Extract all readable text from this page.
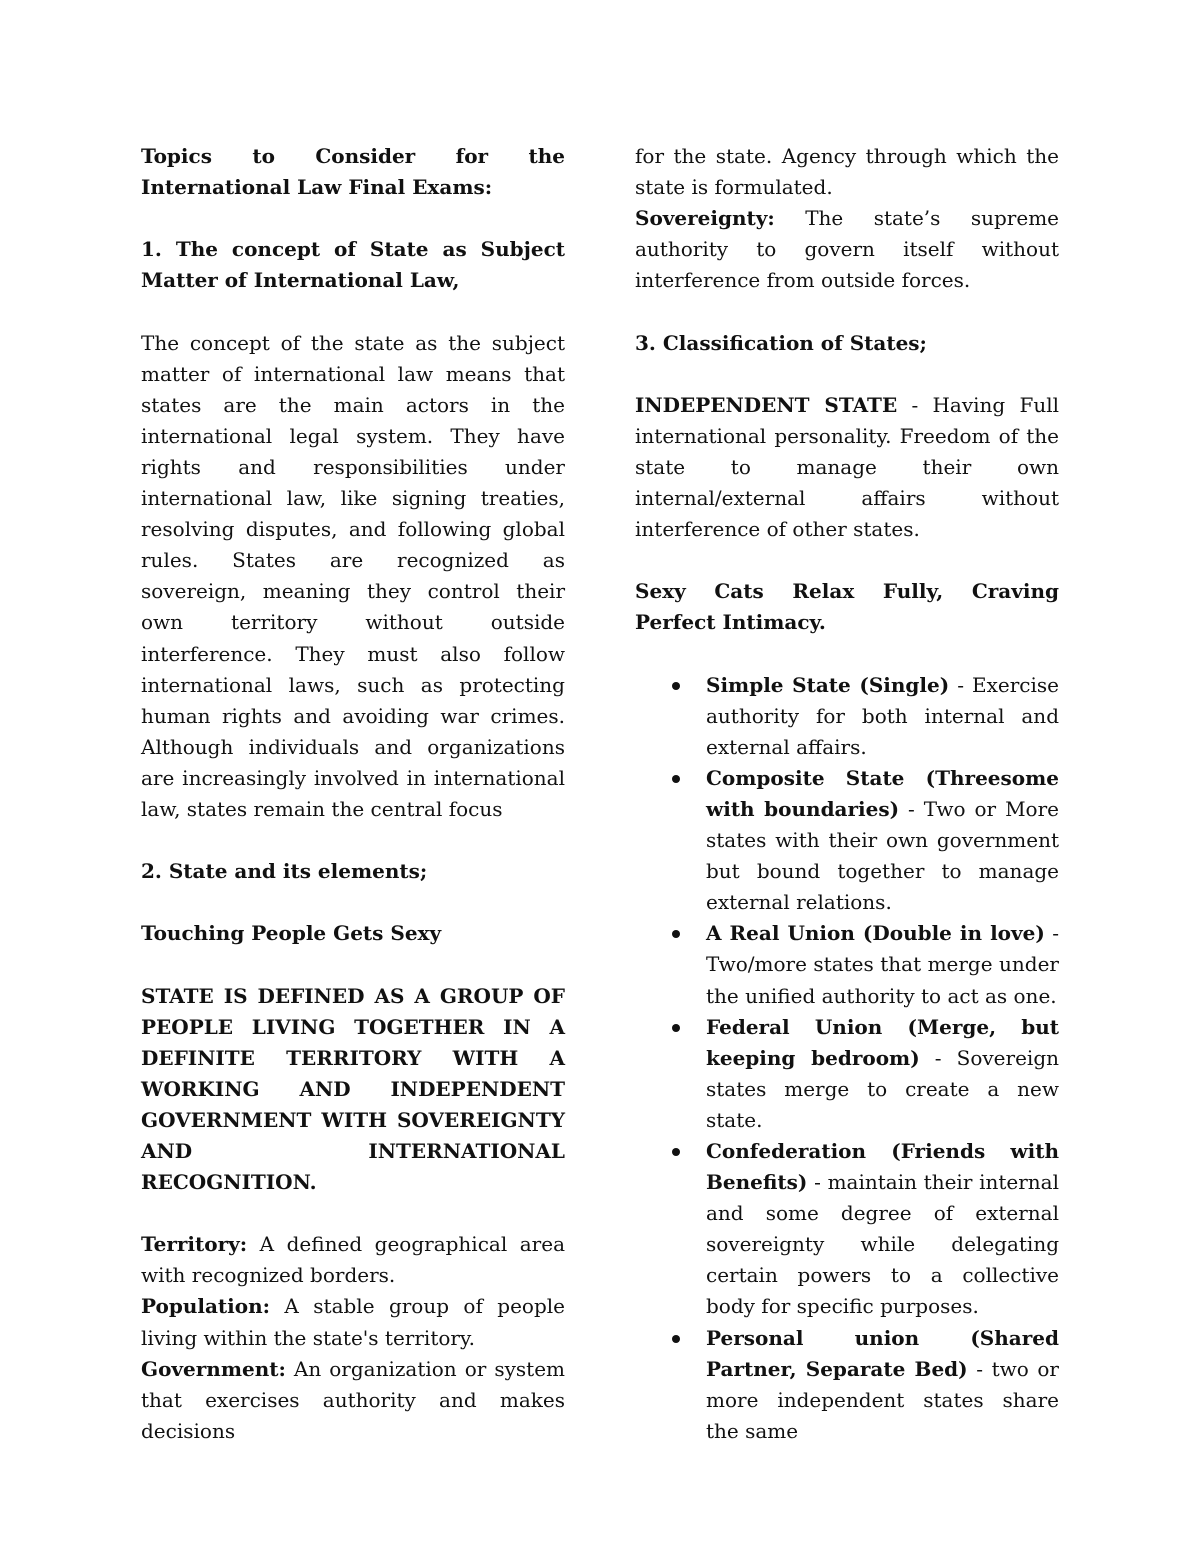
Topics to Consider for the International Law Final Exams:

1. The concept of State as Subject Matter of International Law,

The concept of the state as the subject matter of international law means that states are the main actors in the international legal system. They have rights and responsibilities under international law, like signing treaties, resolving disputes, and following global rules. States are recognized as sovereign, meaning they control their own territory without outside interference. They must also follow international laws, such as protecting human rights and avoiding war crimes. Although individuals and organizations are increasingly involved in international law, states remain the central focus

2. State and its elements;

Touching People Gets Sexy

STATE IS DEFINED AS A GROUP OF PEOPLE LIVING TOGETHER IN A DEFINITE TERRITORY WITH A WORKING AND INDEPENDENT GOVERNMENT WITH SOVEREIGNTY AND INTERNATIONAL RECOGNITION.

Territory: A defined geographical area with recognized borders.

Population: A stable group of people living within the state's territory.

Government: An organization or system that exercises authority and makes decisions

for the state. Agency through which the state is formulated.

Sovereignty: The state’s supreme authority to govern itself without interference from outside forces.

3. Classification of States;

INDEPENDENT STATE - Having Full international personality. Freedom of the state to manage their own internal/external affairs without interference of other states.

Sexy Cats Relax Fully, Craving Perfect Intimacy.

Simple State (Single) - Exercise authority for both internal and external affairs.
Composite State (Threesome with boundaries) - Two or More states with their own government but bound together to manage external relations.
A Real Union (Double in love) - Two/more states that merge under the unified authority to act as one.
Federal Union (Merge, but keeping bedroom) - Sovereign states merge to create a new state.
Confederation (Friends with Benefits) - maintain their internal and some degree of external sovereignty while delegating certain powers to a collective body for specific purposes.
Personal union (Shared Partner, Separate Bed) - two or more independent states share the same
